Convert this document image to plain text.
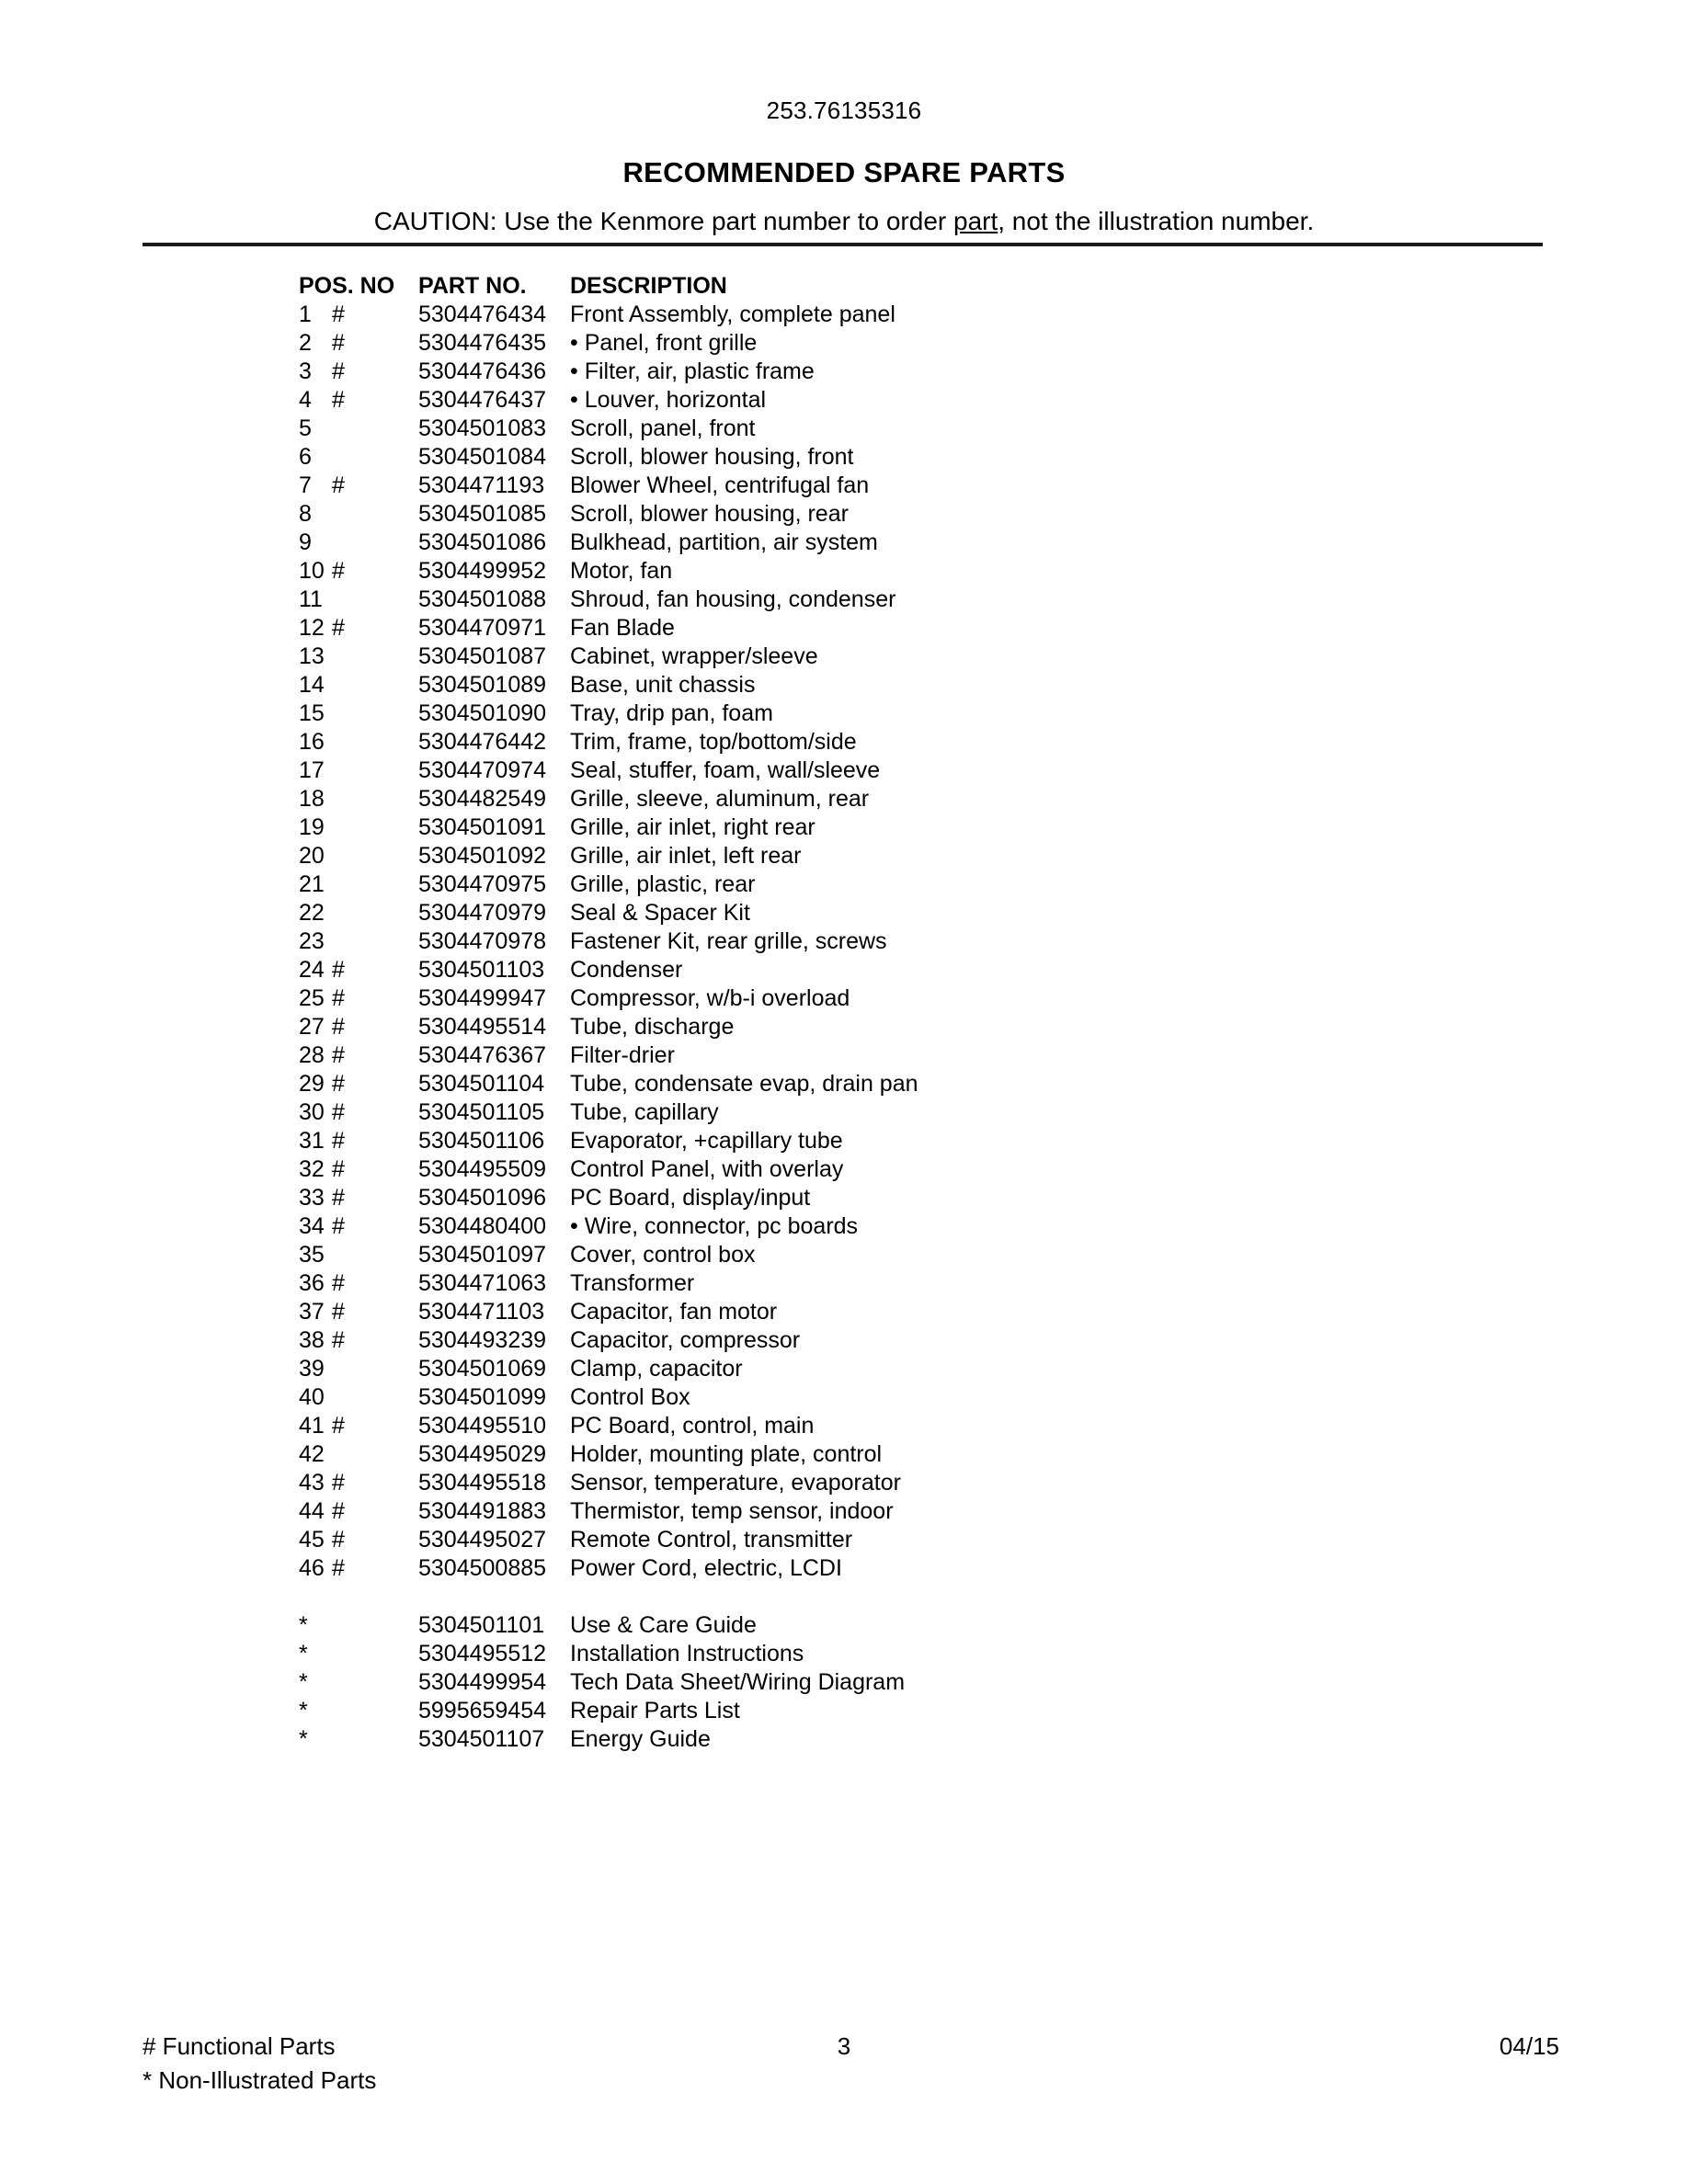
253.76135316
RECOMMENDED SPARE PARTS
CAUTION: Use the Kenmore part number to order part, not the illustration number.
POS. NO PART NO. DESCRIPTION
1 #	5304476434 Front Assembly, complete panel
2 #	5304476435 • Panel, front grille
3 #	5304476436 • Filter, air, plastic frame
4 #	5304476437 • Louver, horizontal
5	5304501083 Scroll, panel, front
6	5304501084 Scroll, blower housing, front
7 #	5304471193 Blower Wheel, centrifugal fan
8	5304501085 Scroll, blower housing, rear
9	5304501086 Bulkhead, partition, air system
10 #	5304499952 Motor, fan
11	5304501088 Shroud, fan housing, condenser
12 #	5304470971 Fan Blade
13	5304501087 Cabinet, wrapper/sleeve
14	5304501089 Base, unit chassis
15	5304501090 Tray, drip pan, foam
16	5304476442 Trim, frame, top/bottom/side
17	5304470974 Seal, stuffer, foam, wall/sleeve
18	5304482549 Grille, sleeve, aluminum, rear
19	5304501091 Grille, air inlet, right rear
20	5304501092 Grille, air inlet, left rear
21	5304470975 Grille, plastic, rear
22	5304470979 Seal & Spacer Kit
23	5304470978 Fastener Kit, rear grille, screws
24 #	5304501103 Condenser
25 #	5304499947 Compressor, w/b-i overload
27 #	5304495514 Tube, discharge
28 #	5304476367 Filter-drier
29 #	5304501104 Tube, condensate evap, drain pan
30 #	5304501105 Tube, capillary
31 #	5304501106 Evaporator, +capillary tube
32 #	5304495509 Control Panel, with overlay
33 #	5304501096 PC Board, display/input
34 #	5304480400 • Wire, connector, pc boards
35	5304501097 Cover, control box
36 #	5304471063 Transformer
37 #	5304471103 Capacitor, fan motor
38 #	5304493239 Capacitor, compressor
39	5304501069 Clamp, capacitor
40	5304501099 Control Box
41 #	5304495510 PC Board, control, main
42	5304495029 Holder, mounting plate, control
43 #	5304495518 Sensor, temperature, evaporator
44 #	5304491883 Thermistor, temp sensor, indoor
45 #	5304495027 Remote Control, transmitter
46 #	5304500885 Power Cord, electric, LCDI
*	5304501101 Use & Care Guide
*	5304495512 Installation Instructions
*	5304499954 Tech Data Sheet/Wiring Diagram
*	5995659454 Repair Parts List
*	5304501107 Energy Guide
# Functional Parts
* Non-Illustrated Parts
3	04/15
